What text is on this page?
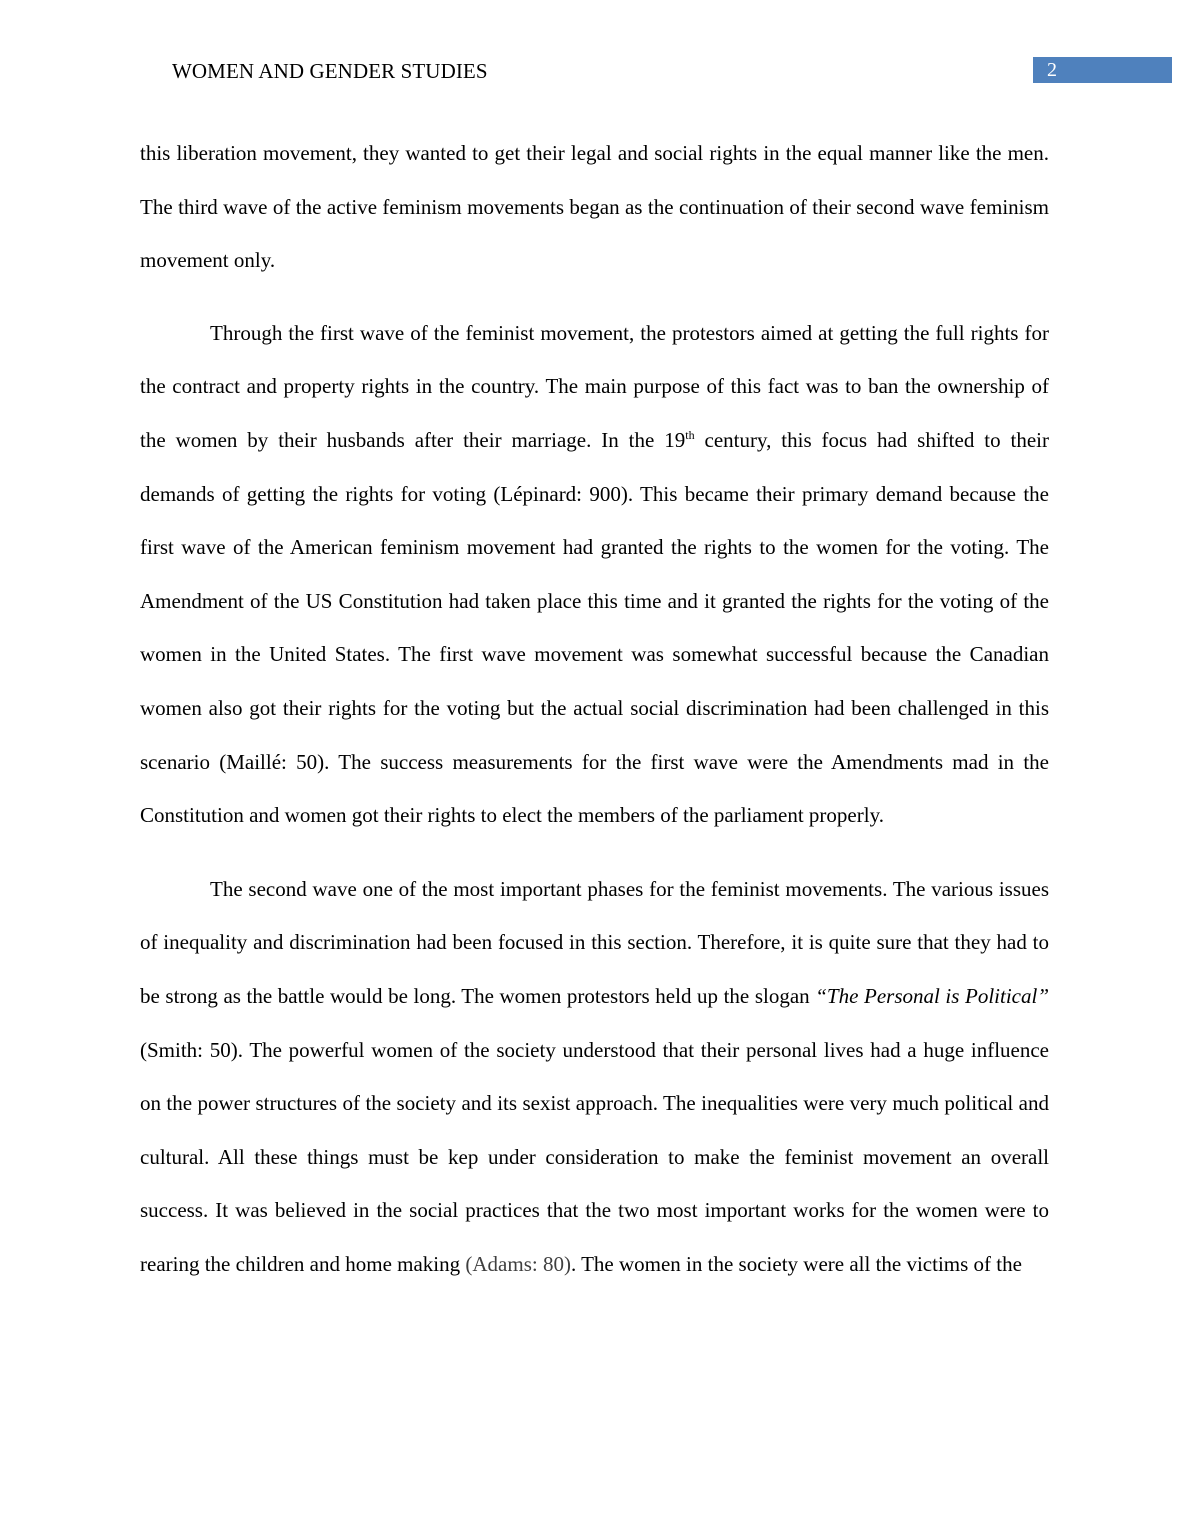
WOMEN AND GENDER STUDIES	2

this liberation movement, they wanted to get their legal and social rights in the equal manner like the men. The third wave of the active feminism movements began as the continuation of their second wave feminism movement only.

Through the first wave of the feminist movement, the protestors aimed at getting the full rights for the contract and property rights in the country. The main purpose of this fact was to ban the ownership of the women by their husbands after their marriage. In the 19th century, this focus had shifted to their demands of getting the rights for voting (Lépinard: 900). This became their primary demand because the first wave of the American feminism movement had granted the rights to the women for the voting. The Amendment of the US Constitution had taken place this time and it granted the rights for the voting of the women in the United States. The first wave movement was somewhat successful because the Canadian women also got their rights for the voting but the actual social discrimination had been challenged in this scenario (Maillé: 50). The success measurements for the first wave were the Amendments mad in the Constitution and women got their rights to elect the members of the parliament properly.

The second wave one of the most important phases for the feminist movements. The various issues of inequality and discrimination had been focused in this section. Therefore, it is quite sure that they had to be strong as the battle would be long. The women protestors held up the slogan “The Personal is Political” (Smith: 50). The powerful women of the society understood that their personal lives had a huge influence on the power structures of the society and its sexist approach. The inequalities were very much political and cultural. All these things must be kep under consideration to make the feminist movement an overall success. It was believed in the social practices that the two most important works for the women were to rearing the children and home making (Adams: 80). The women in the society were all the victims of the
